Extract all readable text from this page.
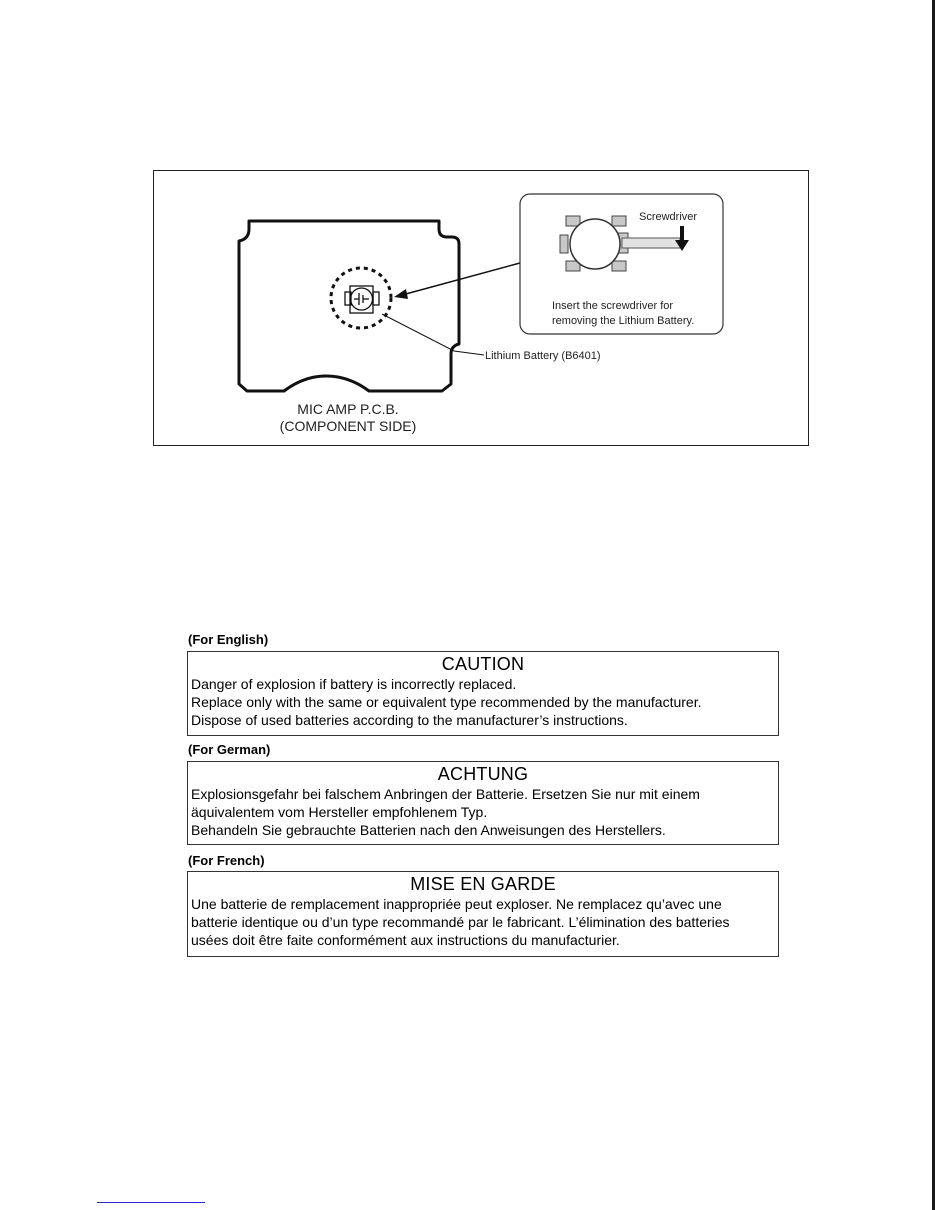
Lithium Battery (B6401)
MIC AMP P.C.B.
(COMPONENT SIDE)
Screwdriver
Insert the screwdriver for
removing the Lithium Battery.
(For English)
CAUTION
Danger of explosion if battery is incorrectly replaced.
Replace only with the same or equivalent type recommended by the manufacturer.
Dispose of used batteries according to the manufacturer’s instructions.
(For German)
ACHTUNG
Explosionsgefahr bei falschem Anbringen der Batterie. Ersetzen Sie nur mit einem
äquivalentem vom Hersteller empfohlenem Typ.
Behandeln Sie gebrauchte Batterien nach den Anweisungen des Herstellers.
(For French)
MISE EN GARDE
Une batterie de remplacement inappropriée peut exploser. Ne remplacez qu’avec une
batterie identique ou d’un type recommandé par le fabricant. L’élimination des batteries
usées doit être faite conformément aux instructions du manufacturier.
